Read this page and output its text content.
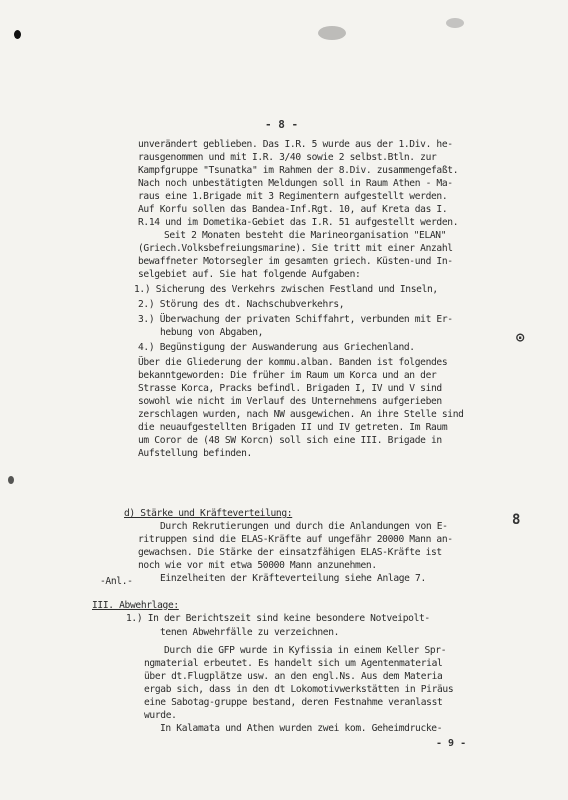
⊙
8
- 8 -
unverändert geblieben. Das I.R. 5 wurde aus der 1.Div. he-
rausgenommen und mit I.R. 3/40 sowie 2 selbst.Btln. zur
Kampfgruppe "Tsunatka" im Rahmen der 8.Div. zusammengefaßt.
Nach noch unbestätigten Meldungen soll in Raum Athen - Ma-
raus eine 1.Brigade mit 3 Regimentern aufgestellt werden.
Auf Korfu sollen das Bandea-Inf.Rgt. 10, auf Kreta das I.
R.14 und im Dometika-Gebiet das I.R. 51 aufgestellt werden.
Seit 2 Monaten besteht die Marineorganisation "ELAN"
(Griech.Volksbefreiungsmarine). Sie tritt mit einer Anzahl
bewaffneter Motorsegler im gesamten griech. Küsten-und In-
selgebiet auf. Sie hat folgende Aufgaben:
1.) Sicherung des Verkehrs zwischen Festland und Inseln,
2.) Störung des dt. Nachschubverkehrs,
3.) Überwachung der privaten Schiffahrt, verbunden mit Er-
hebung von Abgaben,
4.) Begünstigung der Auswanderung aus Griechenland.
Über die Gliederung der kommu.alban. Banden ist folgendes
bekanntgeworden: Die früher im Raum um Korca und an der
Strasse Korca, Pracks befindl. Brigaden I, IV und V sind
sowohl wie nicht im Verlauf des Unternehmens aufgerieben
zerschlagen wurden, nach NW ausgewichen. An ihre Stelle sind
die neuaufgestellten Brigaden II und IV getreten. Im Raum
um Coror de (48 SW Korcn) soll sich eine III. Brigade in
Aufstellung befinden.
d) Stärke und Kräfteverteilung:
Durch Rekrutierungen und durch die Anlandungen von E-
ritruppen sind die ELAS-Kräfte auf ungefähr 20000 Mann an-
gewachsen. Die Stärke der einsatzfähigen ELAS-Kräfte ist
noch wie vor mit etwa 50000 Mann anzunehmen.
-Anl.-	Einzelheiten der Kräfteverteilung siehe Anlage 7.
III. Abwehrlage:
1.) In der Berichtszeit sind keine besondere Notveipolt-
tenen Abwehrfälle zu verzeichnen.
Durch die GFP wurde in Kyfissia in einem Keller Spr-
ngmaterial erbeutet. Es handelt sich um Agentenmaterial
über dt.Flugplätze usw. an den engl.Ns. Aus dem Materia
ergab sich, dass in den dt Lokomotivwerkstätten in Piräus
eine Sabotag-gruppe bestand, deren Festnahme veranlasst
wurde.
In Kalamata und Athen wurden zwei kom. Geheimdrucke-
- 9 -
